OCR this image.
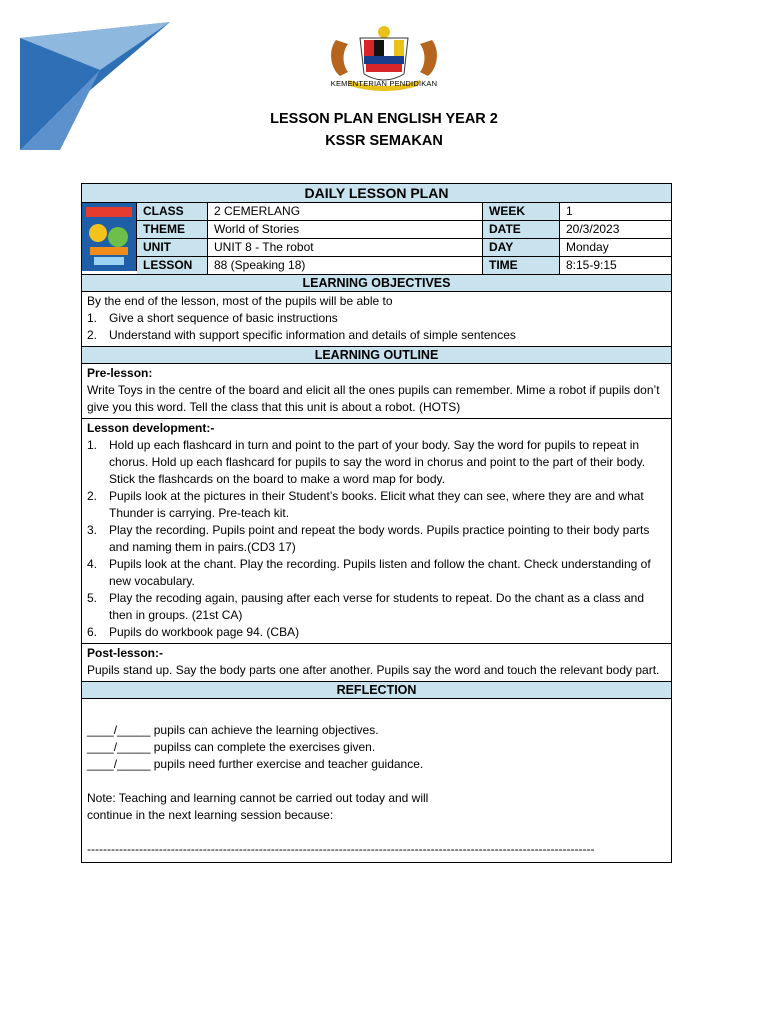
KEMENTERIAN PENDIDIKAN
LESSON PLAN ENGLISH YEAR 2
KSSR SEMAKAN
DAILY LESSON PLAN
CLASS	2 CEMERLANG	WEEK	1
THEME	World of Stories	DATE	20/3/2023
UNIT	UNIT 8 - The robot	DAY	Monday
LESSON	88 (Speaking 18)	TIME	8:15-9:15
LEARNING OBJECTIVES
By the end of the lesson, most of the pupils will be able to
1. Give a short sequence of basic instructions
2. Understand with support specific information and details of simple sentences
LEARNING OUTLINE
Pre-lesson:
Write Toys in the centre of the board and elicit all the ones pupils can remember. Mime a robot if pupils don’t give you this word. Tell the class that this unit is about a robot. (HOTS)
Lesson development:-
1. Hold up each flashcard in turn and point to the part of your body. Say the word for pupils to repeat in chorus. Hold up each flashcard for pupils to say the word in chorus and point to the part of their body. Stick the flashcards on the board to make a word map for body.
2. Pupils look at the pictures in their Student’s books. Elicit what they can see, where they are and what Thunder is carrying. Pre-teach kit.
3. Play the recording. Pupils point and repeat the body words. Pupils practice pointing to their body parts and naming them in pairs.(CD3 17)
4. Pupils look at the chant. Play the recording. Pupils listen and follow the chant. Check understanding of new vocabulary.
5. Play the recoding again, pausing after each verse for students to repeat. Do the chant as a class and then in groups. (21st CA)
6. Pupils do workbook page 94. (CBA)
Post-lesson:-
Pupils stand up. Say the body parts one after another. Pupils say the word and touch the relevant body part.
REFLECTION
____/_____ pupils can achieve the learning objectives.
____/_____ pupilss can complete the exercises given.
____/_____ pupils need further exercise and teacher guidance.
Note: Teaching and learning cannot be carried out today and will
continue in the next learning session because:
-------------------------------------------------------------------------------------------------------------------------------
